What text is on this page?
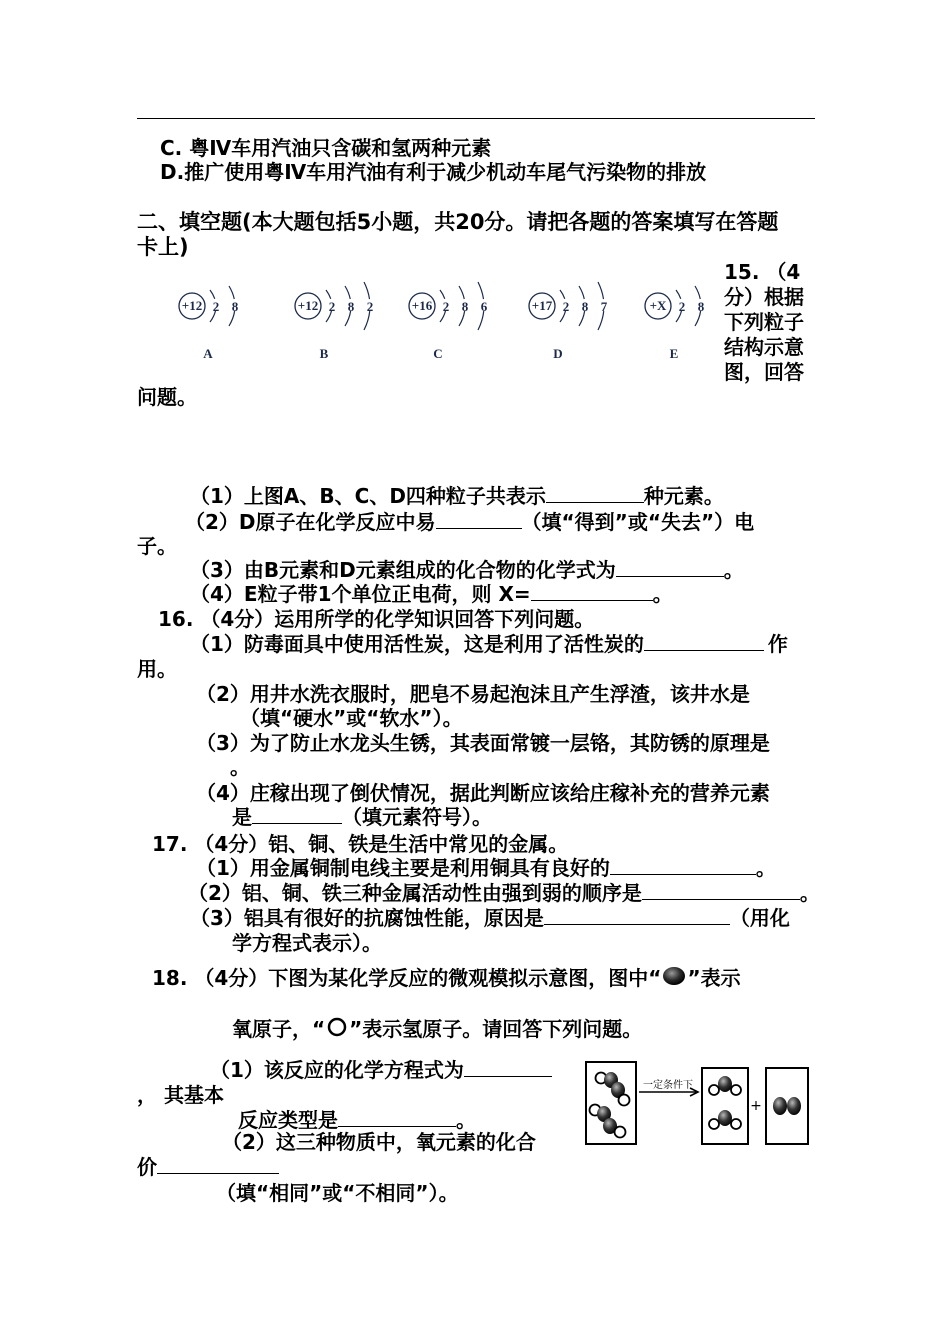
C. 粤Ⅳ车用汽油只含碳和氢两种元素
D.推广使用粤Ⅳ车用汽油有利于减少机动车尾气污染物的排放
二、填空题(本大题包括5小题，共20分。请把各题的答案填写在答题
卡上)
+12 2 8
A
+12 2 8 2
B
+16 2 8 6
C
+17 2 8 7
D
+X 2 8
E
15. （4
分）根据
下列粒子
结构示意
图，回答
问题。
（1）上图A、B、C、D四种粒子共表示	种元素。
（2）D原子在化学反应中易	（填“得到”或“失去”）电
子。
（3）由B元素和D元素组成的化合物的化学式为	。
（4）E粒子带1个单位正电荷，则 X=	。
16. （4分）运用所学的化学知识回答下列问题。
（1）防毒面具中使用活性炭，这是利用了活性炭的	作
用。
（2）用井水洗衣服时，肥皂不易起泡沫且产生浮渣，该井水是
（填“硬水”或“软水”）。
（3）为了防止水龙头生锈，其表面常镀一层铬，其防锈的原理是
。
（4）庄稼出现了倒伏情况，据此判断应该给庄稼补充的营养元素
是	（填元素符号）。
17. （4分）铝、铜、铁是生活中常见的金属。
（1）用金属铜制电线主要是利用铜具有良好的	。
（2）铝、铜、铁三种金属活动性由强到弱的顺序是	。
（3）铝具有很好的抗腐蚀性能，原因是	（用化
学方程式表示）。
18. （4分）下图为某化学反应的微观模拟示意图，图中“ ”表示
氧原子，“ ”表示氢原子。请回答下列问题。
（1）该反应的化学方程式为
， 其基本
反应类型是	。
（2）这三种物质中，氧元素的化合
价
（填“相同”或“不相同”）。
一定条件下
+
